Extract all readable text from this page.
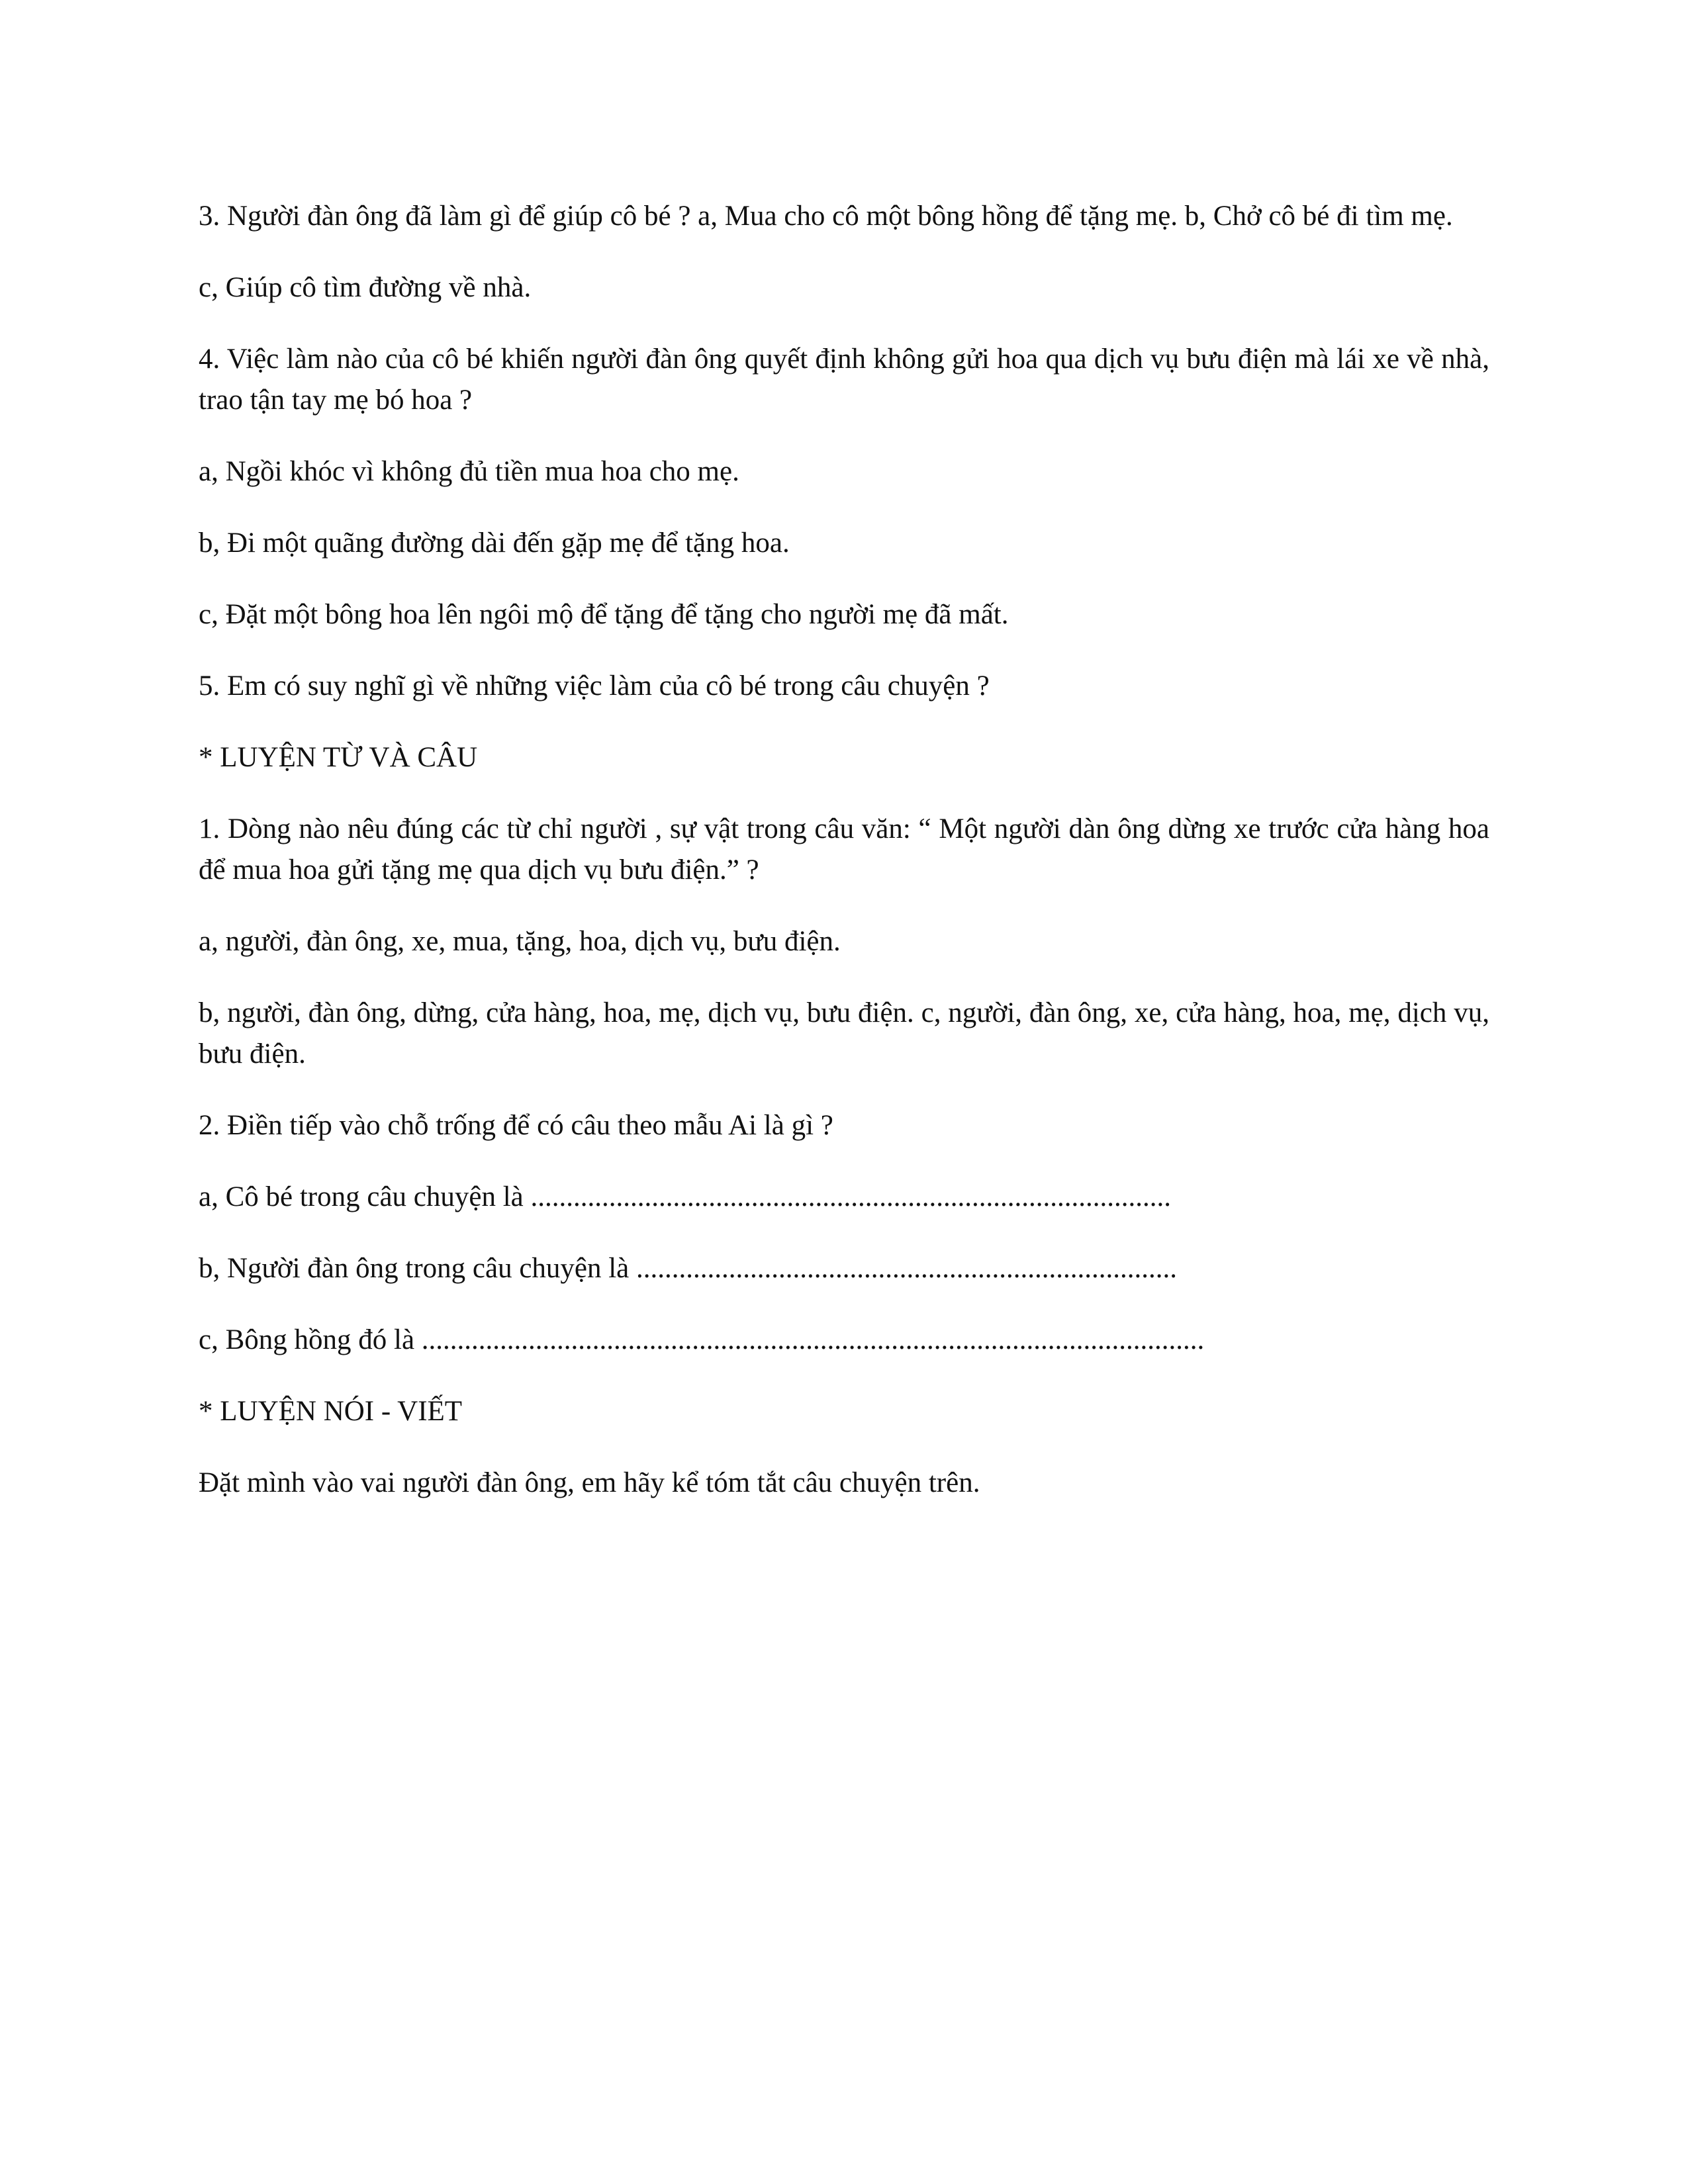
3. Người đàn ông đã làm gì để giúp cô bé ? a, Mua cho cô một bông hồng để tặng mẹ. b, Chở cô bé đi tìm mẹ.

c, Giúp cô tìm đường về nhà.

4. Việc làm nào của cô bé khiến người đàn ông quyết định không gửi hoa qua dịch vụ bưu điện mà lái xe về nhà, trao tận tay mẹ bó hoa ?

a, Ngồi khóc vì không đủ tiền mua hoa cho mẹ.

b, Đi một quãng đường dài đến gặp mẹ để tặng hoa.

c, Đặt một bông hoa lên ngôi mộ để tặng để tặng cho người mẹ đã mất.

5. Em có suy nghĩ gì về những việc làm của cô bé trong câu chuyện ?

* LUYỆN TỪ VÀ CÂU

1. Dòng nào nêu đúng các từ chỉ người , sự vật trong câu văn: “ Một người dàn ông dừng xe trước cửa hàng hoa để mua hoa gửi tặng mẹ qua dịch vụ bưu điện.” ?

a, người, đàn ông, xe, mua, tặng, hoa, dịch vụ, bưu điện.

b, người, đàn ông, dừng, cửa hàng, hoa, mẹ, dịch vụ, bưu điện. c, người, đàn ông, xe, cửa hàng, hoa, mẹ, dịch vụ, bưu điện.

2. Điền tiếp vào chỗ trống để có câu theo mẫu Ai là gì ?

a, Cô bé trong câu chuyện là ..........................................................................................

b, Người đàn ông trong câu chuyện là ............................................................................

c, Bông hồng đó là ..............................................................................................................

* LUYỆN NÓI - VIẾT

Đặt mình vào vai người đàn ông, em hãy kể tóm tắt câu chuyện trên.
